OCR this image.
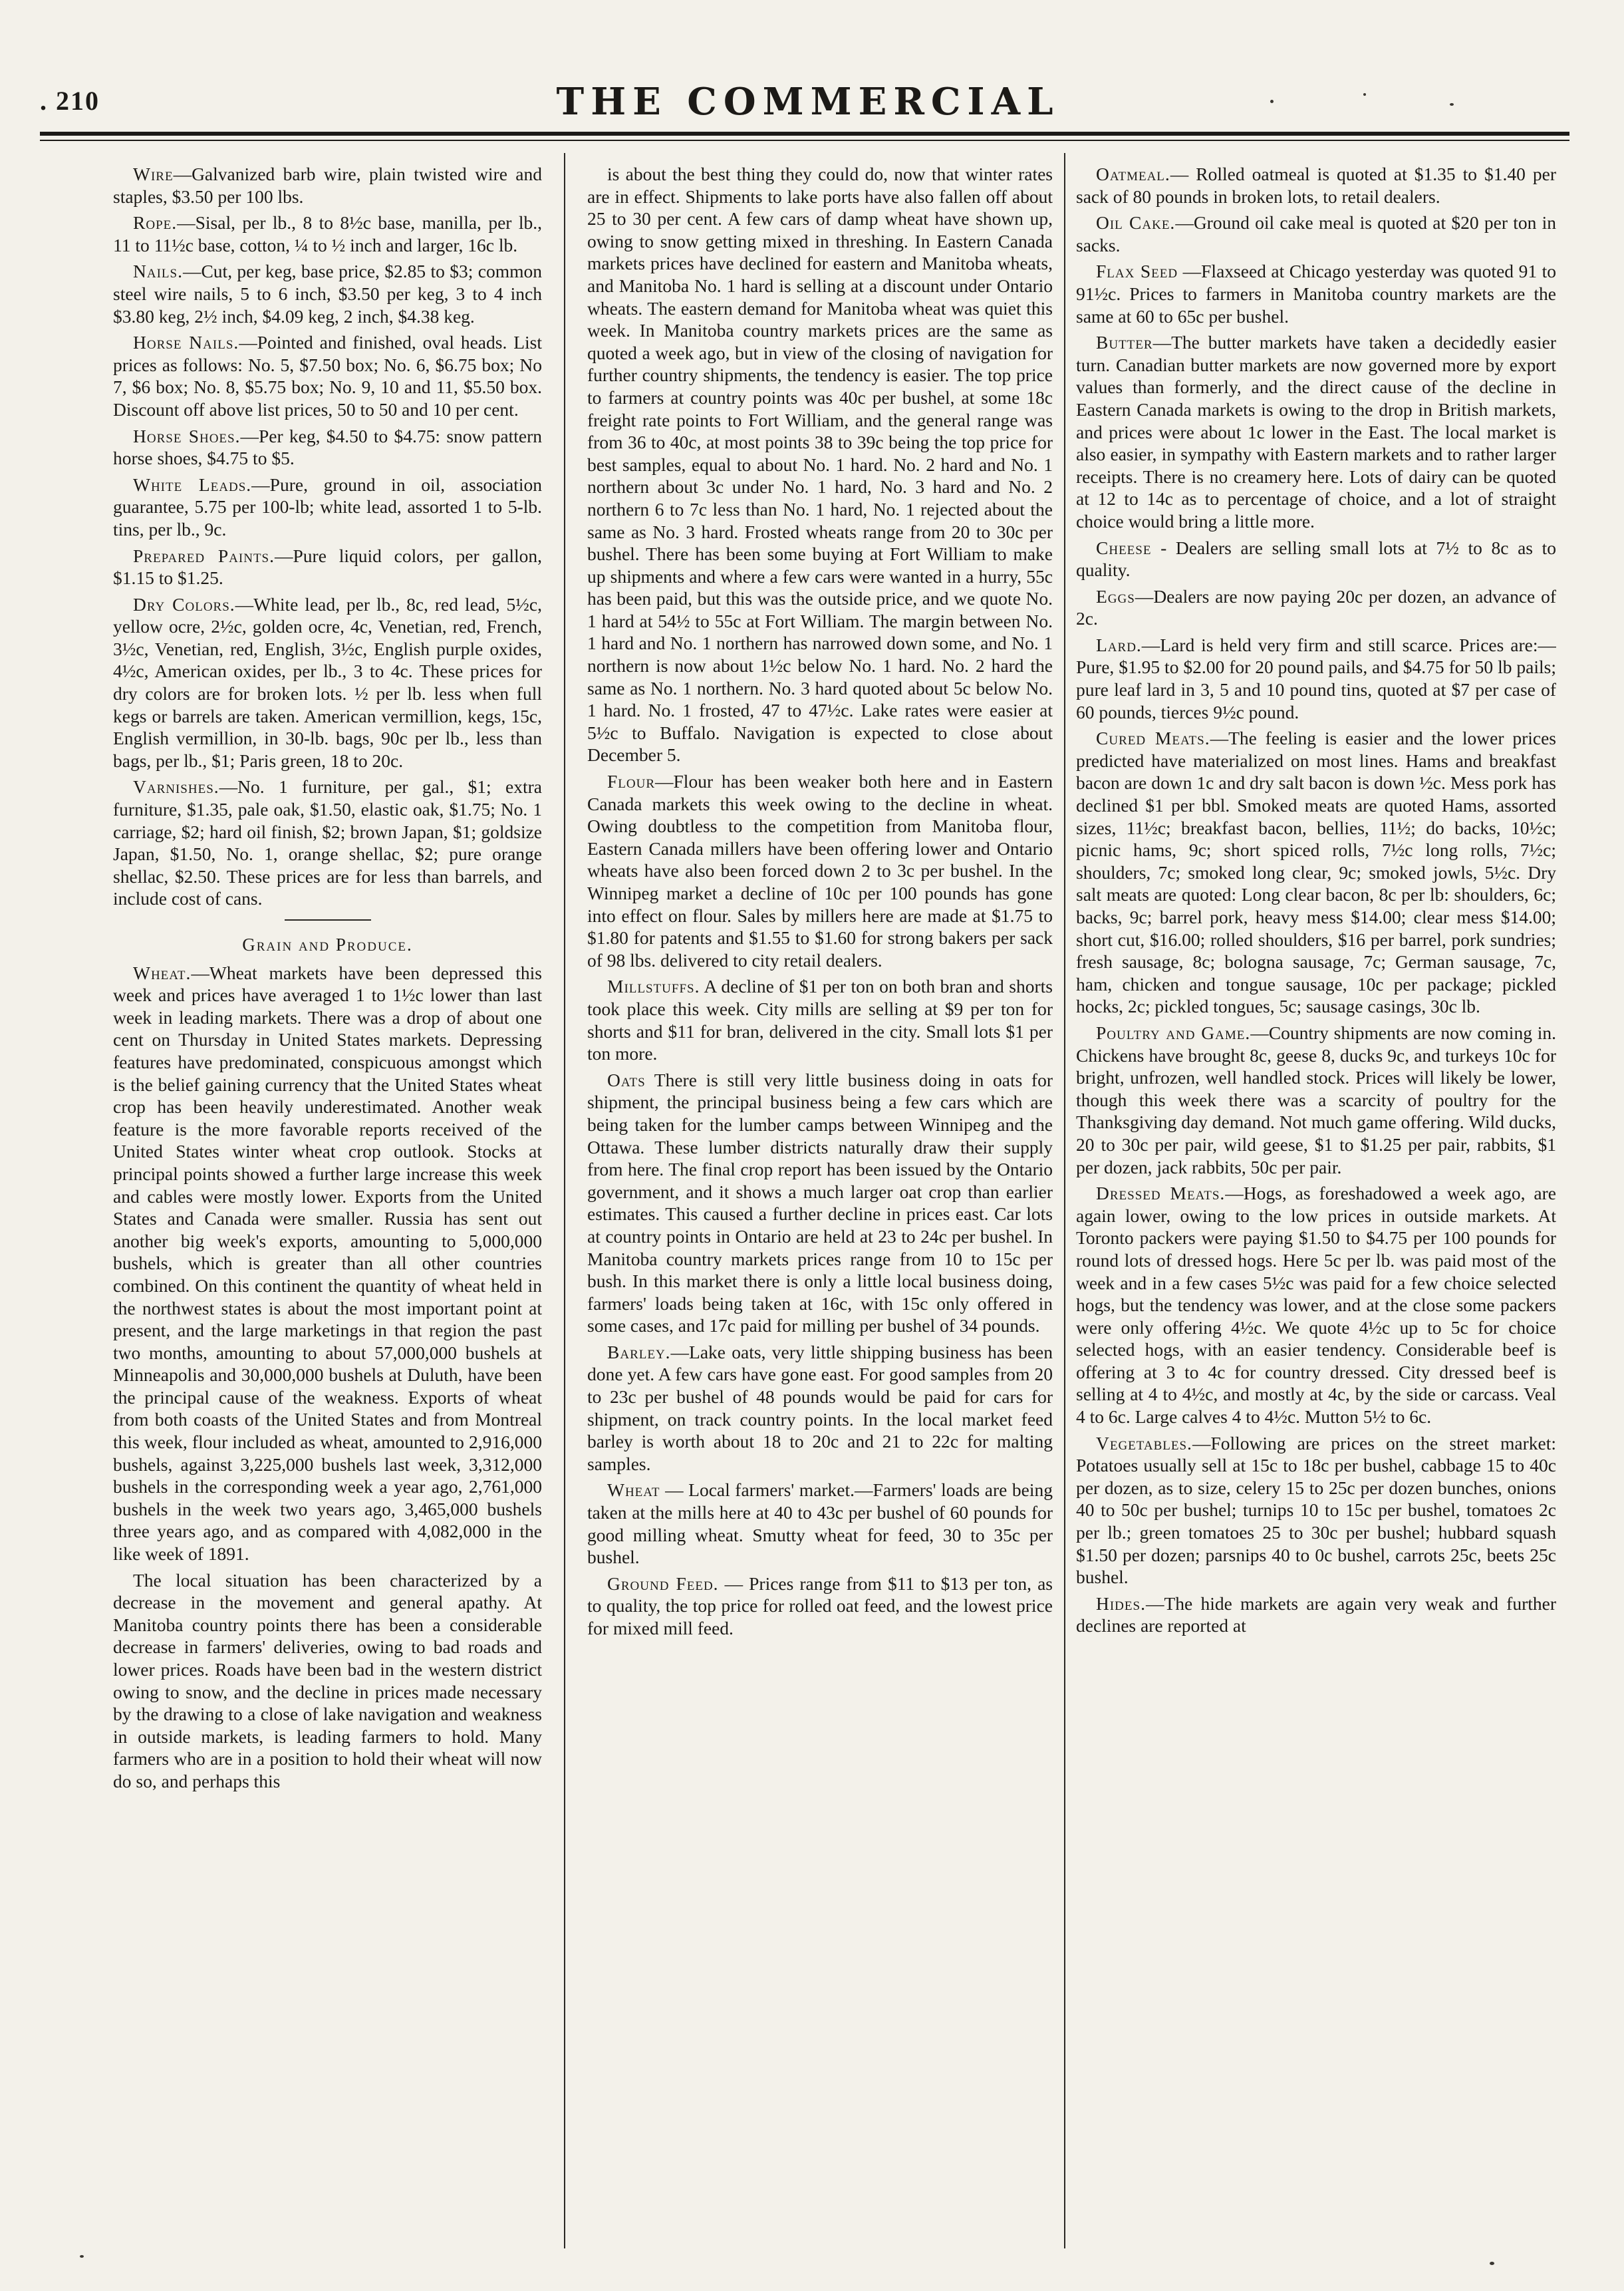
. 210	THE COMMERCIAL

Wire—Galvanized barb wire, plain twisted wire and staples, $3.50 per 100 lbs.

Rope.—Sisal, per lb., 8 to 8½c base, manilla, per lb., 11 to 11½c base, cotton, ¼ to ½ inch and larger, 16c lb.

Nails.—Cut, per keg, base price, $2.85 to $3; common steel wire nails, 5 to 6 inch, $3.50 per keg, 3 to 4 inch $3.80 keg, 2½ inch, $4.09 keg, 2 inch, $4.38 keg.

Horse Nails.—Pointed and finished, oval heads. List prices as follows: No. 5, $7.50 box; No. 6, $6.75 box; No 7, $6 box; No. 8, $5.75 box; No. 9, 10 and 11, $5.50 box. Discount off above list prices, 50 to 50 and 10 per cent.

Horse Shoes.—Per keg, $4.50 to $4.75: snow pattern horse shoes, $4.75 to $5.

White Leads.—Pure, ground in oil, association guarantee, 5.75 per 100-lb; white lead, assorted 1 to 5-lb. tins, per lb., 9c.

Prepared Paints.—Pure liquid colors, per gallon, $1.15 to $1.25.

Dry Colors.—White lead, per lb., 8c, red lead, 5½c, yellow ocre, 2½c, golden ocre, 4c, Venetian, red, French, 3½c, Venetian, red, English, 3½c, English purple oxides, 4½c, American oxides, per lb., 3 to 4c. These prices for dry colors are for broken lots. ½ per lb. less when full kegs or barrels are taken. American vermillion, kegs, 15c, English vermillion, in 30-lb. bags, 90c per lb., less than bags, per lb., $1; Paris green, 18 to 20c.

Varnishes.—No. 1 furniture, per gal., $1; extra furniture, $1.35, pale oak, $1.50, elastic oak, $1.75; No. 1 carriage, $2; hard oil finish, $2; brown Japan, $1; goldsize Japan, $1.50, No. 1, orange shellac, $2; pure orange shellac, $2.50. These prices are for less than barrels, and include cost of cans.

Grain and Produce.

Wheat.—Wheat markets have been depressed this week and prices have averaged 1 to 1½c lower than last week in leading markets. There was a drop of about one cent on Thursday in United States markets. Depressing features have predominated, conspicuous amongst which is the belief gaining currency that the United States wheat crop has been heavily underestimated. Another weak feature is the more favorable reports received of the United States winter wheat crop outlook. Stocks at principal points showed a further large increase this week and cables were mostly lower. Exports from the United States and Canada were smaller. Russia has sent out another big week's exports, amounting to 5,000,000 bushels, which is greater than all other countries combined. On this continent the quantity of wheat held in the northwest states is about the most important point at present, and the large marketings in that region the past two months, amounting to about 57,000,000 bushels at Minneapolis and 30,000,000 bushels at Duluth, have been the principal cause of the weakness. Exports of wheat from both coasts of the United States and from Montreal this week, flour included as wheat, amounted to 2,916,000 bushels, against 3,225,000 bushels last week, 3,312,000 bushels in the corresponding week a year ago, 2,761,000 bushels in the week two years ago, 3,465,000 bushels three years ago, and as compared with 4,082,000 in the like week of 1891.

The local situation has been characterized by a decrease in the movement and general apathy. At Manitoba country points there has been a considerable decrease in farmers' deliveries, owing to bad roads and lower prices. Roads have been bad in the western district owing to snow, and the decline in prices made necessary by the drawing to a close of lake navigation and weakness in outside markets, is leading farmers to hold. Many farmers who are in a position to hold their wheat will now do so, and perhaps this

is about the best thing they could do, now that winter rates are in effect. Shipments to lake ports have also fallen off about 25 to 30 per cent. A few cars of damp wheat have shown up, owing to snow getting mixed in threshing. In Eastern Canada markets prices have declined for eastern and Manitoba wheats, and Manitoba No. 1 hard is selling at a discount under Ontario wheats. The eastern demand for Manitoba wheat was quiet this week. In Manitoba country markets prices are the same as quoted a week ago, but in view of the closing of navigation for further country shipments, the tendency is easier. The top price to farmers at country points was 40c per bushel, at some 18c freight rate points to Fort William, and the general range was from 36 to 40c, at most points 38 to 39c being the top price for best samples, equal to about No. 1 hard. No. 2 hard and No. 1 northern about 3c under No. 1 hard, No. 3 hard and No. 2 northern 6 to 7c less than No. 1 hard, No. 1 rejected about the same as No. 3 hard. Frosted wheats range from 20 to 30c per bushel. There has been some buying at Fort William to make up shipments and where a few cars were wanted in a hurry, 55c has been paid, but this was the outside price, and we quote No. 1 hard at 54½ to 55c at Fort William. The margin between No. 1 hard and No. 1 northern has narrowed down some, and No. 1 northern is now about 1½c below No. 1 hard. No. 2 hard the same as No. 1 northern. No. 3 hard quoted about 5c below No. 1 hard. No. 1 frosted, 47 to 47½c. Lake rates were easier at 5½c to Buffalo. Navigation is expected to close about December 5.

Flour—Flour has been weaker both here and in Eastern Canada markets this week owing to the decline in wheat. Owing doubtless to the competition from Manitoba flour, Eastern Canada millers have been offering lower and Ontario wheats have also been forced down 2 to 3c per bushel. In the Winnipeg market a decline of 10c per 100 pounds has gone into effect on flour. Sales by millers here are made at $1.75 to $1.80 for patents and $1.55 to $1.60 for strong bakers per sack of 98 lbs. delivered to city retail dealers.

Millstuffs. A decline of $1 per ton on both bran and shorts took place this week. City mills are selling at $9 per ton for shorts and $11 for bran, delivered in the city. Small lots $1 per ton more.

Oats There is still very little business doing in oats for shipment, the principal business being a few cars which are being taken for the lumber camps between Winnipeg and the Ottawa. These lumber districts naturally draw their supply from here. The final crop report has been issued by the Ontario government, and it shows a much larger oat crop than earlier estimates. This caused a further decline in prices east. Car lots at country points in Ontario are held at 23 to 24c per bushel. In Manitoba country markets prices range from 10 to 15c per bush. In this market there is only a little local business doing, farmers' loads being taken at 16c, with 15c only offered in some cases, and 17c paid for milling per bushel of 34 pounds.

Barley.—Lake oats, very little shipping business has been done yet. A few cars have gone east. For good samples from 20 to 23c per bushel of 48 pounds would be paid for cars for shipment, on track country points. In the local market feed barley is worth about 18 to 20c and 21 to 22c for malting samples.

Wheat — Local farmers' market.—Farmers' loads are being taken at the mills here at 40 to 43c per bushel of 60 pounds for good milling wheat. Smutty wheat for feed, 30 to 35c per bushel.

Ground Feed. — Prices range from $11 to $13 per ton, as to quality, the top price for rolled oat feed, and the lowest price for mixed mill feed.

Oatmeal.— Rolled oatmeal is quoted at $1.35 to $1.40 per sack of 80 pounds in broken lots, to retail dealers.

Oil Cake.—Ground oil cake meal is quoted at $20 per ton in sacks.

Flax Seed —Flaxseed at Chicago yesterday was quoted 91 to 91½c. Prices to farmers in Manitoba country markets are the same at 60 to 65c per bushel.

Butter—The butter markets have taken a decidedly easier turn. Canadian butter markets are now governed more by export values than formerly, and the direct cause of the decline in Eastern Canada markets is owing to the drop in British markets, and prices were about 1c lower in the East. The local market is also easier, in sympathy with Eastern markets and to rather larger receipts. There is no creamery here. Lots of dairy can be quoted at 12 to 14c as to percentage of choice, and a lot of straight choice would bring a little more.

Cheese - Dealers are selling small lots at 7½ to 8c as to quality.

Eggs—Dealers are now paying 20c per dozen, an advance of 2c.

Lard.—Lard is held very firm and still scarce. Prices are:—Pure, $1.95 to $2.00 for 20 pound pails, and $4.75 for 50 lb pails; pure leaf lard in 3, 5 and 10 pound tins, quoted at $7 per case of 60 pounds, tierces 9½c pound.

Cured Meats.—The feeling is easier and the lower prices predicted have materialized on most lines. Hams and breakfast bacon are down 1c and dry salt bacon is down ½c. Mess pork has declined $1 per bbl. Smoked meats are quoted Hams, assorted sizes, 11½c; breakfast bacon, bellies, 11½; do backs, 10½c; picnic hams, 9c; short spiced rolls, 7½c long rolls, 7½c; shoulders, 7c; smoked long clear, 9c; smoked jowls, 5½c. Dry salt meats are quoted: Long clear bacon, 8c per lb: shoulders, 6c; backs, 9c; barrel pork, heavy mess $14.00; clear mess $14.00; short cut, $16.00; rolled shoulders, $16 per barrel, pork sundries; fresh sausage, 8c; bologna sausage, 7c; German sausage, 7c, ham, chicken and tongue sausage, 10c per package; pickled hocks, 2c; pickled tongues, 5c; sausage casings, 30c lb.

Poultry and Game.—Country shipments are now coming in. Chickens have brought 8c, geese 8, ducks 9c, and turkeys 10c for bright, unfrozen, well handled stock. Prices will likely be lower, though this week there was a scarcity of poultry for the Thanksgiving day demand. Not much game offering. Wild ducks, 20 to 30c per pair, wild geese, $1 to $1.25 per pair, rabbits, $1 per dozen, jack rabbits, 50c per pair.

Dressed Meats.—Hogs, as foreshadowed a week ago, are again lower, owing to the low prices in outside markets. At Toronto packers were paying $1.50 to $4.75 per 100 pounds for round lots of dressed hogs. Here 5c per lb. was paid most of the week and in a few cases 5½c was paid for a few choice selected hogs, but the tendency was lower, and at the close some packers were only offering 4½c. We quote 4½c up to 5c for choice selected hogs, with an easier tendency. Considerable beef is offering at 3 to 4c for country dressed. City dressed beef is selling at 4 to 4½c, and mostly at 4c, by the side or carcass. Veal 4 to 6c. Large calves 4 to 4½c. Mutton 5½ to 6c.

Vegetables.—Following are prices on the street market: Potatoes usually sell at 15c to 18c per bushel, cabbage 15 to 40c per dozen, as to size, celery 15 to 25c per dozen bunches, onions 40 to 50c per bushel; turnips 10 to 15c per bushel, tomatoes 2c per lb.; green tomatoes 25 to 30c per bushel; hubbard squash $1.50 per dozen; parsnips 40 to 0c bushel, carrots 25c, beets 25c bushel.

Hides.—The hide markets are again very weak and further declines are reported at
